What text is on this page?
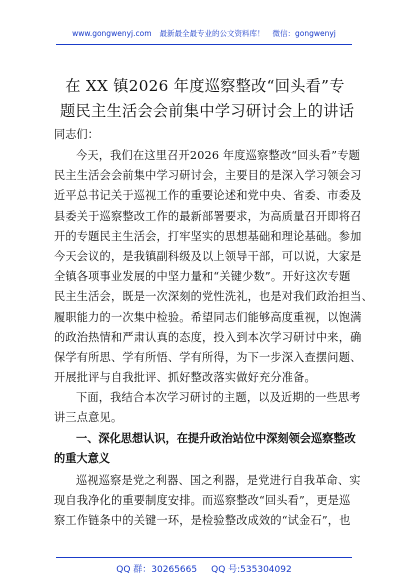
www.gongwenyj.com 最新最全最专业的公文资料库！ 微信：gongwenyj
在 XX 镇2026 年度巡察整改“回头看”专
题民主生活会会前集中学习研讨会上的讲话
同志们：
今天，我们在这里召开2026 年度巡察整改“回头看”专题
民主生活会会前集中学习研讨会，主要目的是深入学习领会习
近平总书记关于巡视工作的重要论述和党中央、省委、市委及
县委关于巡察整改工作的最新部署要求，为高质量召开即将召
开的专题民主生活会，打牢坚实的思想基础和理论基础。参加
今天会议的，是我镇副科级及以上领导干部，可以说，大家是
全镇各项事业发展的中坚力量和“关键少数”。开好这次专题
民主生活会，既是一次深刻的党性洗礼，也是对我们政治担当、
履职能力的一次集中检验。希望同志们能够高度重视，以饱满
的政治热情和严肃认真的态度，投入到本次学习研讨中来，确
保学有所思、学有所悟、学有所得，为下一步深入查摆问题、
开展批评与自我批评、抓好整改落实做好充分准备。
下面，我结合本次学习研讨的主题，以及近期的一些思考
讲三点意见。
一、深化思想认识，在提升政治站位中深刻领会巡察整改
的重大意义
巡视巡察是党之利器、国之利器，是党进行自我革命、实
现自我净化的重要制度安排。而巡察整改“回头看”，更是巡
察工作链条中的关键一环，是检验整改成效的“试金石”，也
QQ 群：30265665 QQ 号:535304092
